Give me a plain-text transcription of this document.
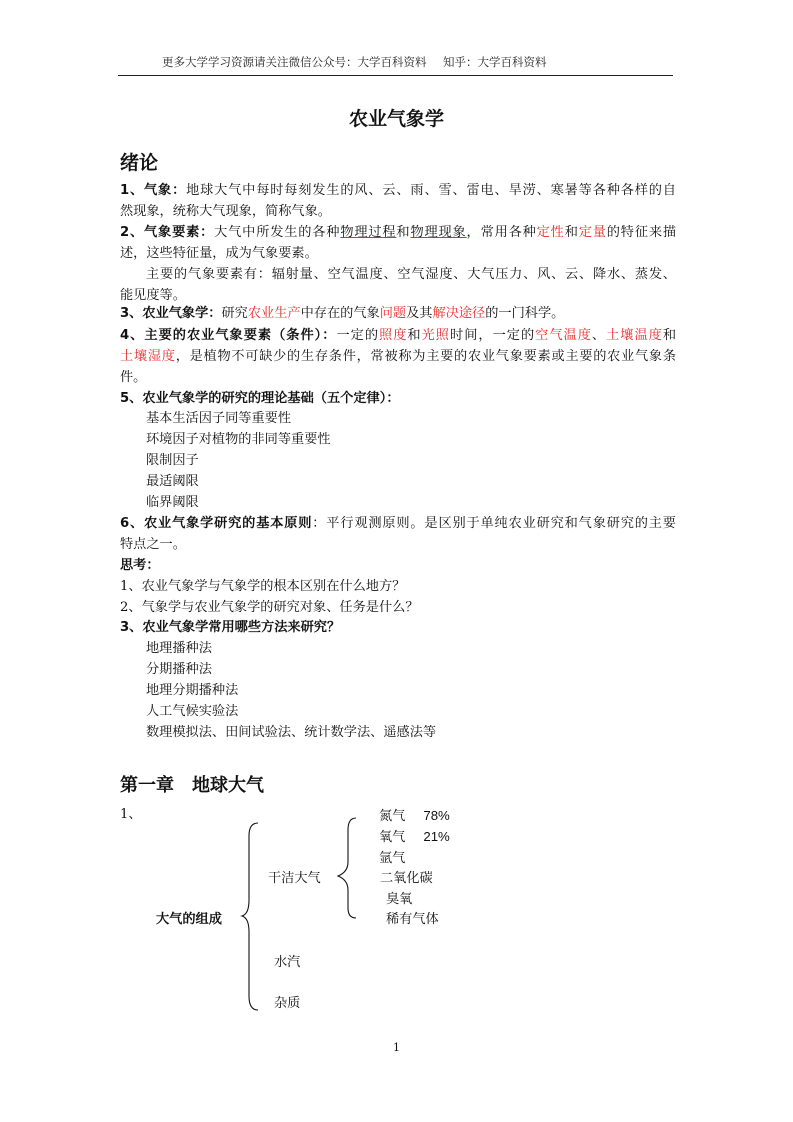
更多大学学习资源请关注微信公众号：大学百科资料 知乎：大学百科资料
农业气象学
绪论
1、气象：地球大气中每时每刻发生的风、云、雨、雪、雷电、旱涝、寒暑等各种各样的自
然现象，统称大气现象，简称气象。
2、气象要素：大气中所发生的各种物理过程和物理现象，常用各种定性和定量的特征来描
述，这些特征量，成为气象要素。
主要的气象要素有：辐射量、空气温度、空气湿度、大气压力、风、云、降水、蒸发、
能见度等。
3、农业气象学：研究农业生产中存在的气象问题及其解决途径的一门科学。
4、主要的农业气象要素（条件）：一定的照度和光照时间，一定的空气温度、土壤温度和
土壤湿度，是植物不可缺少的生存条件，常被称为主要的农业气象要素或主要的农业气象条
件。
5、农业气象学的研究的理论基础（五个定律）：
基本生活因子同等重要性
环境因子对植物的非同等重要性
限制因子
最适阈限
临界阈限
6、农业气象学研究的基本原则：平行观测原则。是区别于单纯农业研究和气象研究的主要
特点之一。
思考：
1、农业气象学与气象学的根本区别在什么地方？
2、气象学与农业气象学的研究对象、任务是什么？
3、农业气象学常用哪些方法来研究？
地理播种法
分期播种法
地理分期播种法
人工气候实验法
数理模拟法、田间试验法、统计数学法、遥感法等
第一章　地球大气
1、
大气的组成
干洁大气
氮气 78%
氧气 21%
氩气
二氧化碳
臭氧
稀有气体
水汽
杂质
1
